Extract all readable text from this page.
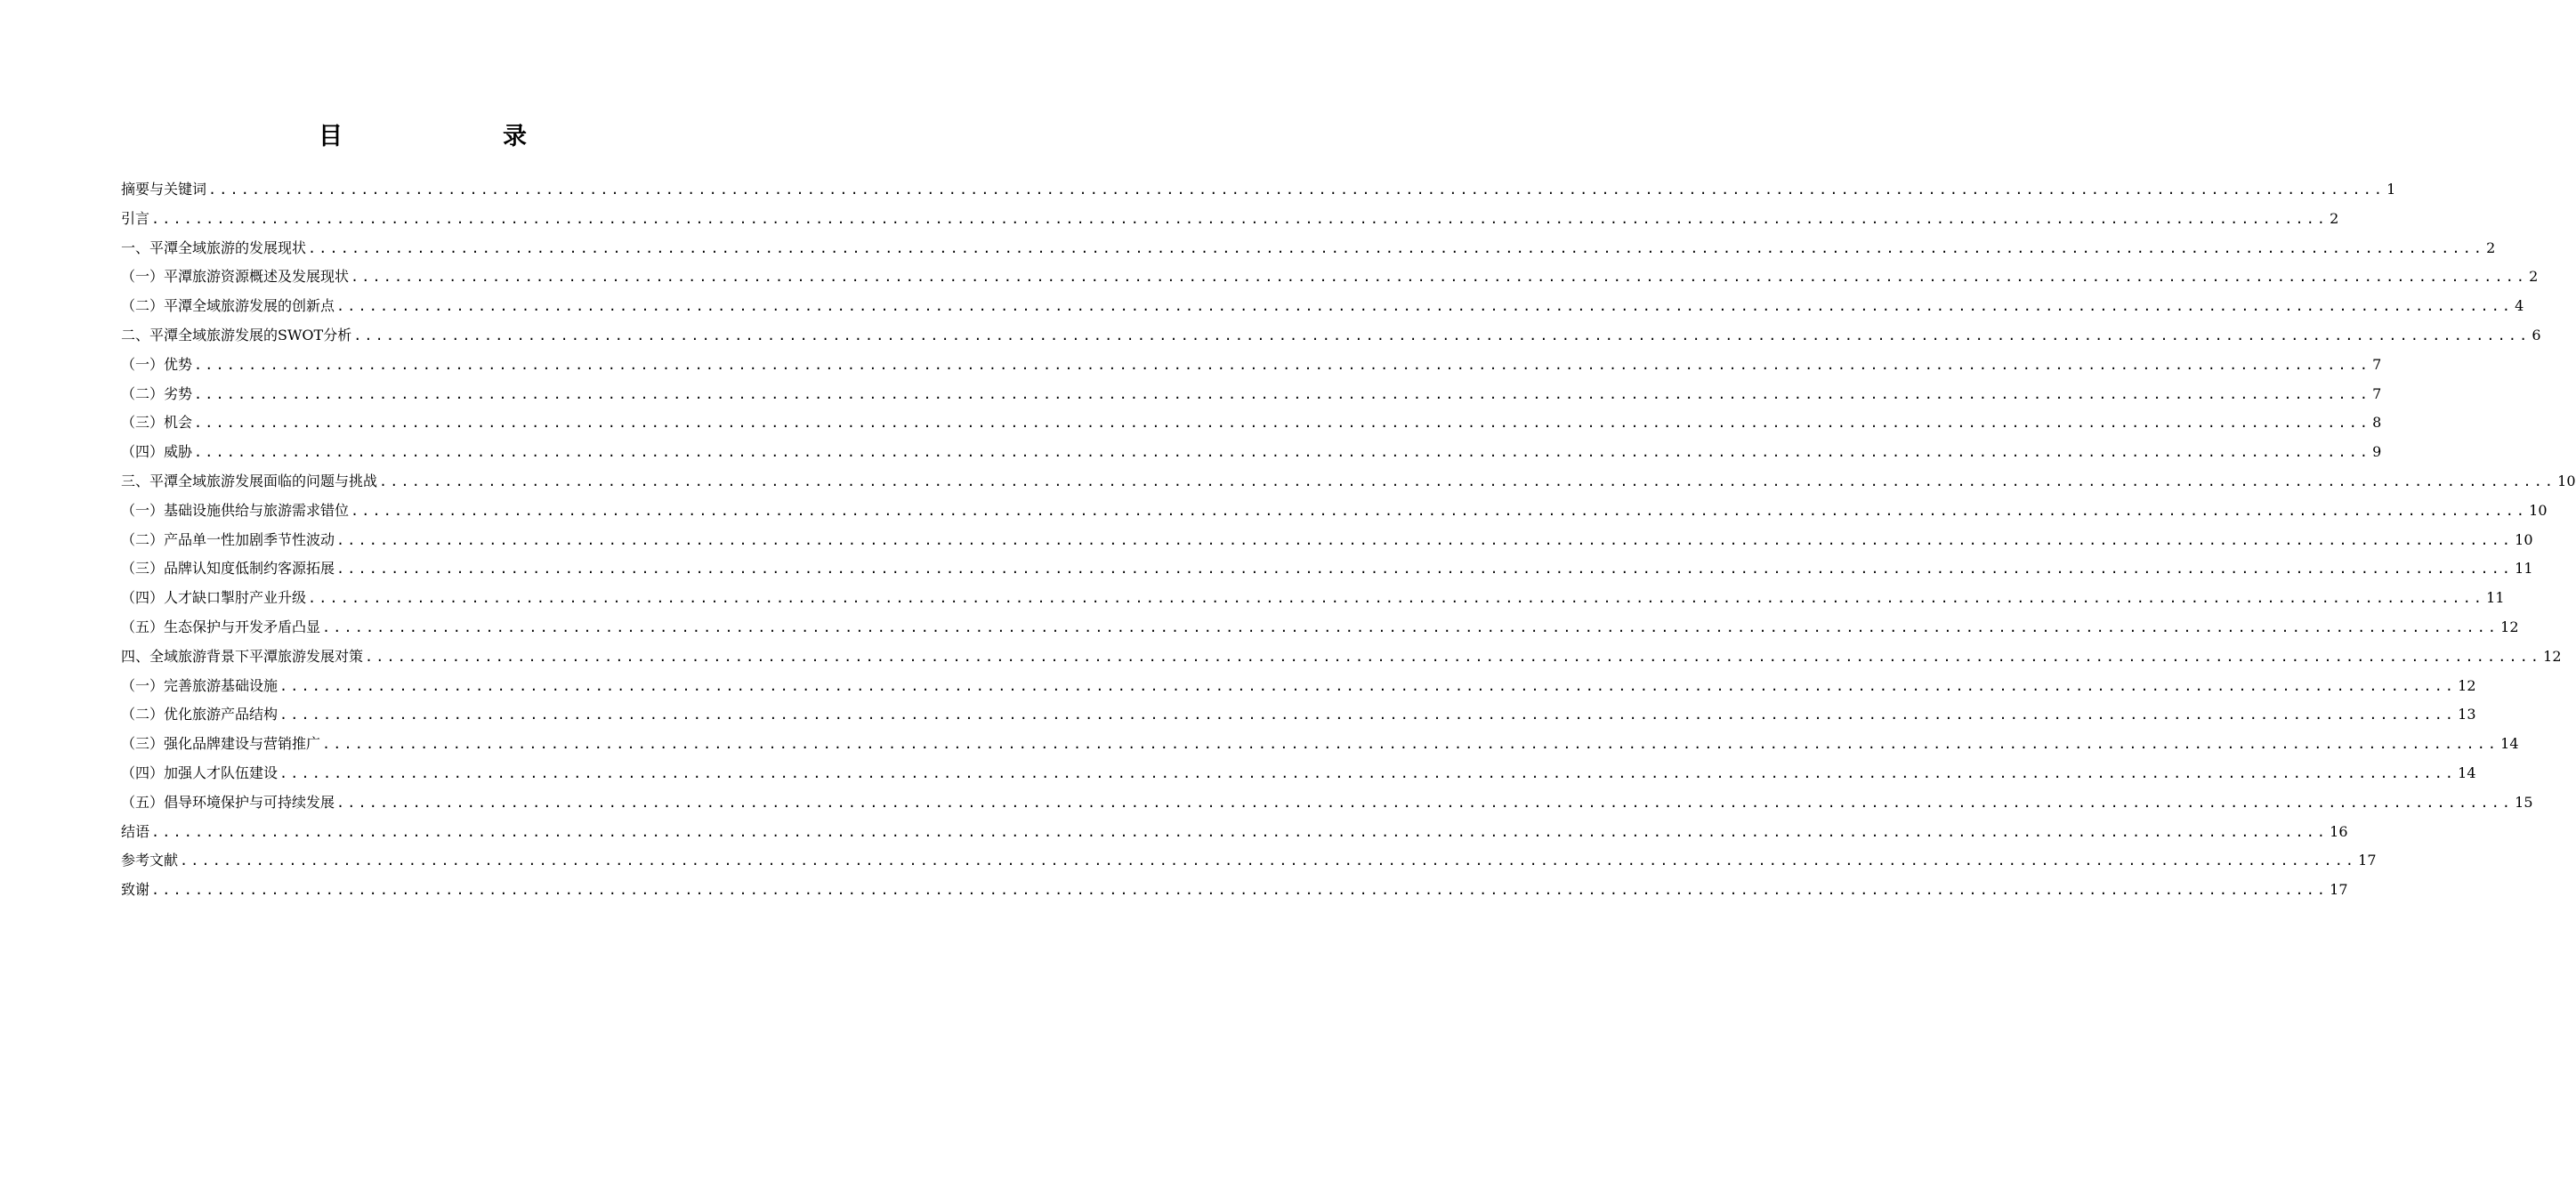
目　　录
摘要与关键词 ........................................................................................................................................................................................................ 1
引言 ........................................................................................................................................................................................................ 2
一、平潭全域旅游的发展现状 ........................................................................................................................................................................................................ 2
（一）平潭旅游资源概述及发展现状 ........................................................................................................................................................................................................ 2
（二）平潭全域旅游发展的创新点 ........................................................................................................................................................................................................ 4
二、平潭全域旅游发展的SWOT分析 ........................................................................................................................................................................................................ 6
（一）优势 ........................................................................................................................................................................................................ 7
（二）劣势 ........................................................................................................................................................................................................ 7
（三）机会 ........................................................................................................................................................................................................ 8
（四）威胁 ........................................................................................................................................................................................................ 9
三、平潭全域旅游发展面临的问题与挑战 ........................................................................................................................................................................................................ 10
（一）基础设施供给与旅游需求错位 ........................................................................................................................................................................................................ 10
（二）产品单一性加剧季节性波动 ........................................................................................................................................................................................................ 10
（三）品牌认知度低制约客源拓展 ........................................................................................................................................................................................................ 11
（四）人才缺口掣肘产业升级 ........................................................................................................................................................................................................ 11
（五）生态保护与开发矛盾凸显 ........................................................................................................................................................................................................ 12
四、全域旅游背景下平潭旅游发展对策 ........................................................................................................................................................................................................ 12
（一）完善旅游基础设施 ........................................................................................................................................................................................................ 12
（二）优化旅游产品结构 ........................................................................................................................................................................................................ 13
（三）强化品牌建设与营销推广 ........................................................................................................................................................................................................ 14
（四）加强人才队伍建设 ........................................................................................................................................................................................................ 14
（五）倡导环境保护与可持续发展 ........................................................................................................................................................................................................ 15
结语 ........................................................................................................................................................................................................ 16
参考文献 ........................................................................................................................................................................................................ 17
致谢 ........................................................................................................................................................................................................ 17
